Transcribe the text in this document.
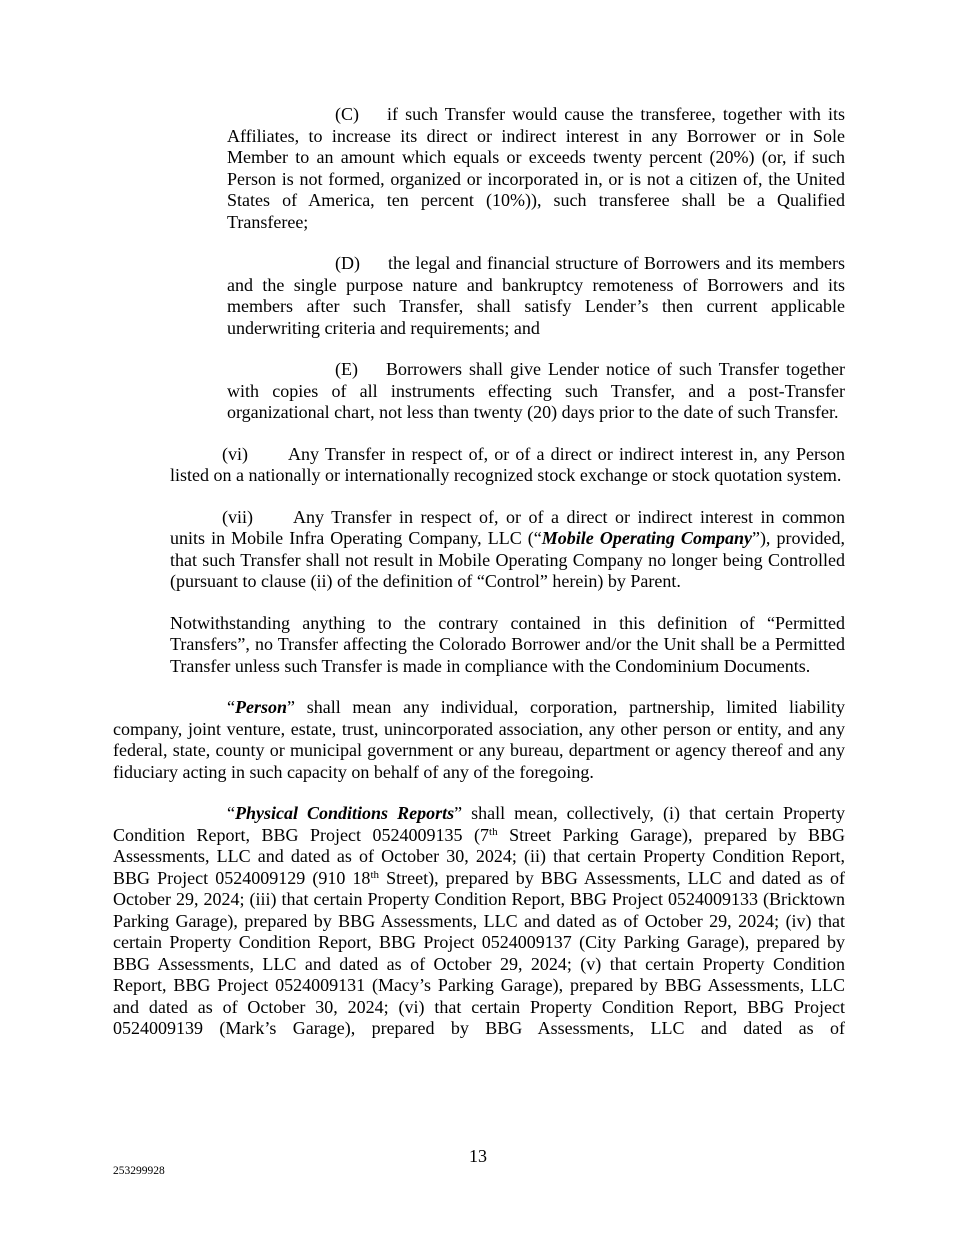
(C) if such Transfer would cause the transferee, together with its Affiliates, to increase its direct or indirect interest in any Borrower or in Sole Member to an amount which equals or exceeds twenty percent (20%) (or, if such Person is not formed, organized or incorporated in, or is not a citizen of, the United States of America, ten percent (10%)), such transferee shall be a Qualified Transferee;

(D) the legal and financial structure of Borrowers and its members and the single purpose nature and bankruptcy remoteness of Borrowers and its members after such Transfer, shall satisfy Lender’s then current applicable underwriting criteria and requirements; and

(E) Borrowers shall give Lender notice of such Transfer together with copies of all instruments effecting such Transfer, and a post-Transfer organizational chart, not less than twenty (20) days prior to the date of such Transfer.

(vi) Any Transfer in respect of, or of a direct or indirect interest in, any Person listed on a nationally or internationally recognized stock exchange or stock quotation system.

(vii) Any Transfer in respect of, or of a direct or indirect interest in common units in Mobile Infra Operating Company, LLC (“Mobile Operating Company”), provided, that such Transfer shall not result in Mobile Operating Company no longer being Controlled (pursuant to clause (ii) of the definition of “Control” herein) by Parent.

Notwithstanding anything to the contrary contained in this definition of “Permitted Transfers”, no Transfer affecting the Colorado Borrower and/or the Unit shall be a Permitted Transfer unless such Transfer is made in compliance with the Condominium Documents.

“Person” shall mean any individual, corporation, partnership, limited liability company, joint venture, estate, trust, unincorporated association, any other person or entity, and any federal, state, county or municipal government or any bureau, department or agency thereof and any fiduciary acting in such capacity on behalf of any of the foregoing.

“Physical Conditions Reports” shall mean, collectively, (i) that certain Property Condition Report, BBG Project 0524009135 (7th Street Parking Garage), prepared by BBG Assessments, LLC and dated as of October 30, 2024; (ii) that certain Property Condition Report, BBG Project 0524009129 (910 18th Street), prepared by BBG Assessments, LLC and dated as of October 29, 2024; (iii) that certain Property Condition Report, BBG Project 0524009133 (Bricktown Parking Garage), prepared by BBG Assessments, LLC and dated as of October 29, 2024; (iv) that certain Property Condition Report, BBG Project 0524009137 (City Parking Garage), prepared by BBG Assessments, LLC and dated as of October 29, 2024; (v) that certain Property Condition Report, BBG Project 0524009131 (Macy’s Parking Garage), prepared by BBG Assessments, LLC and dated as of October 30, 2024; (vi) that certain Property Condition Report, BBG Project 0524009139 (Mark’s Garage), prepared by BBG Assessments, LLC and dated as of

13
253299928
